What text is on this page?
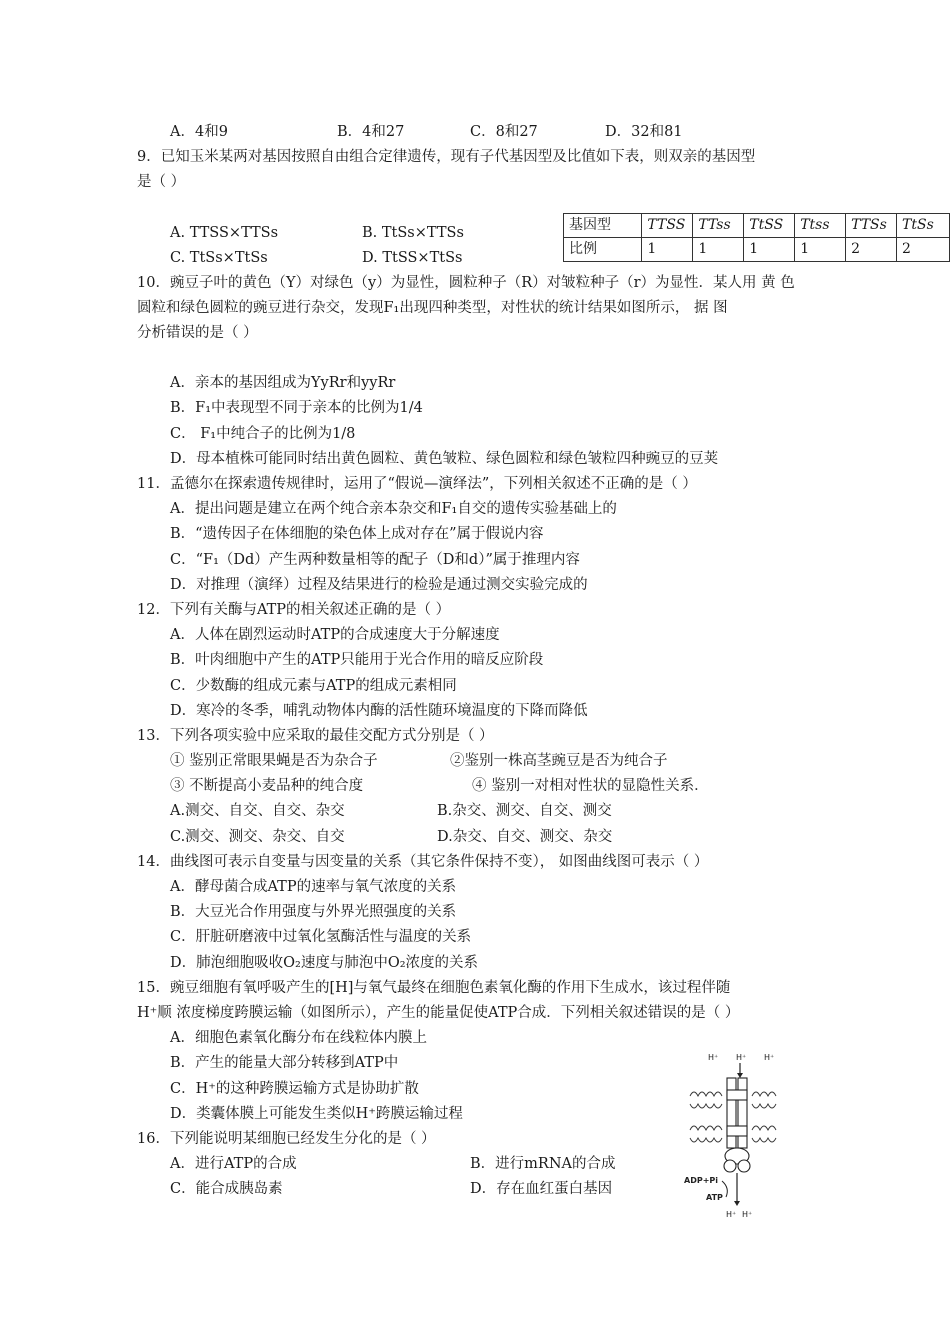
A．4和9	B．4和27	C．8和27	D．32和81
9．已知玉米某两对基因按照自由组合定律遗传，现有子代基因型及比值如下表，则双亲的基因型
是（ ）
A. TTSS×TTSs	B. TtSs×TTSs
C. TtSs×TtSs	D. TtSS×TtSs
基因型	TTSS	TTss	TtSS	Ttss	TTSs	TtSs
比例	1	1	1	1	2	2
10．豌豆子叶的黄色（Y）对绿色（y）为显性，圆粒种子（R）对皱粒种子（r）为显性．某人用 黄 色
圆粒和绿色圆粒的豌豆进行杂交，发现F₁出现四种类型，对性状的统计结果如图所示， 据 图
分析错误的是（ ）
A．亲本的基因组成为YyRr和yyRr
B．F₁中表现型不同于亲本的比例为1/4
C． F₁中纯合子的比例为1/8
D．母本植株可能同时结出黄色圆粒、黄色皱粒、绿色圆粒和绿色皱粒四种豌豆的豆荚
11．孟德尔在探索遗传规律时，运用了“假说—演绎法”，下列相关叙述不正确的是（ ）
A．提出问题是建立在两个纯合亲本杂交和F₁自交的遗传实验基础上的
B．“遗传因子在体细胞的染色体上成对存在”属于假说内容
C．“F₁（Dd）产生两种数量相等的配子（D和d）”属于推理内容
D．对推理（演绎）过程及结果进行的检验是通过测交实验完成的
12．下列有关酶与ATP的相关叙述正确的是（ ）
A．人体在剧烈运动时ATP的合成速度大于分解速度
B．叶肉细胞中产生的ATP只能用于光合作用的暗反应阶段
C．少数酶的组成元素与ATP的组成元素相同
D．寒冷的冬季，哺乳动物体内酶的活性随环境温度的下降而降低
13．下列各项实验中应采取的最佳交配方式分别是（ ）
① 鉴别正常眼果蝇是否为杂合子	②鉴别一株高茎豌豆是否为纯合子
③ 不断提高小麦品种的纯合度	④ 鉴别一对相对性状的显隐性关系．
A.测交、自交、自交、杂交	B.杂交、测交、自交、测交
C.测交、测交、杂交、自交	D.杂交、自交、测交、杂交
14．曲线图可表示自变量与因变量的关系（其它条件保持不变）， 如图曲线图可表示（ ）
A．酵母菌合成ATP的速率与氧气浓度的关系
B．大豆光合作用强度与外界光照强度的关系
C．肝脏研磨液中过氧化氢酶活性与温度的关系
D．肺泡细胞吸收O₂速度与肺泡中O₂浓度的关系
15．豌豆细胞有氧呼吸产生的[H]与氧气最终在细胞色素氧化酶的作用下生成水，该过程伴随
H⁺顺 浓度梯度跨膜运输（如图所示），产生的能量促使ATP合成．下列相关叙述错误的是（ ）
A．细胞色素氧化酶分布在线粒体内膜上
B．产生的能量大部分转移到ATP中
C．H⁺的这种跨膜运输方式是协助扩散
D．类囊体膜上可能发生类似H⁺跨膜运输过程
H⁺ H⁺ H⁺
ADP+Pi
ATP
H⁺ H⁺
16．下列能说明某细胞已经发生分化的是（ ）
A．进行ATP的合成	B．进行mRNA的合成
C．能合成胰岛素	D．存在血红蛋白基因
